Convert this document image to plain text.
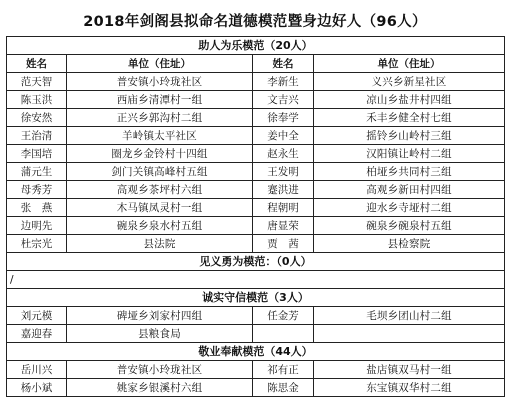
2018年剑阁县拟命名道德模范暨身边好人（96人）
助人为乐模范（20人）			
姓名	单位（住址）	姓名	单位（住址）
范天智	普安镇小玲珑社区	李新生	义兴乡新星社区
陈玉洪	西庙乡清潭村一组	文吉兴	凉山乡盐井村四组
徐安然	正兴乡郭沟村二组	徐奉学	禾丰乡健全村七组
王治清	羊岭镇太平社区	姜中全	摇铃乡山岭村三组
李国培	圈龙乡金铃村十四组	赵永生	汉阳镇让岭村二组
蒲元生	剑门关镇高峰村五组	王发明	柏垭乡共同村三组
母秀芳	高观乡茶坪村六组	蹇洪进	高观乡新田村四组
张　燕	木马镇凤灵村一组	程朝明	迎水乡寺垭村二组
边明先	碗泉乡泉水村五组	唐显荣	碗泉乡碗泉村五组
杜宗光	县法院	贾　茜	县检察院
见义勇为模范：（0人）			
/			
诚实守信模范（3人）			
刘元模	碑垭乡刘家村四组	任金芳	毛坝乡团山村二组
嘉迎春	县粮食局		
敬业奉献模范（44人）			
岳川兴	普安镇小玲珑社区	祁有正	盐店镇双马村一组
杨小斌	姚家乡银溪村六组	陈思金	东宝镇双华村二组
